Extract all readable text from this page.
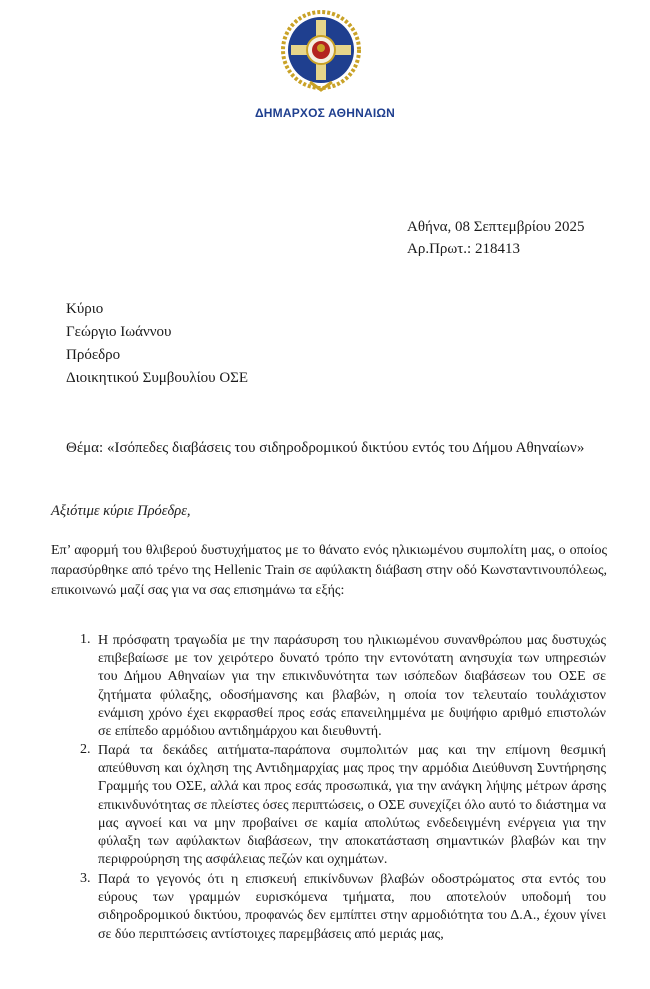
ΔΗΜΑΡΧΟΣ ΑΘΗΝΑΙΩΝ
Αθήνα, 08 Σεπτεμβρίου 2025
Αρ.Πρωτ.: 218413
Κύριο
Γεώργιο Ιωάννου
Πρόεδρο
Διοικητικού Συμβουλίου ΟΣΕ
Θέμα: «Ισόπεδες διαβάσεις του σιδηροδρομικού δικτύου εντός του Δήμου Αθηναίων»
Αξιότιμε κύριε Πρόεδρε,
Επ’ αφορμή του θλιβερού δυστυχήματος με το θάνατο ενός ηλικιωμένου συμπολίτη μας, ο οποίος παρασύρθηκε από τρένο της Hellenic Train σε αφύλακτη διάβαση στην οδό Κωνσταντινουπόλεως, επικοινωνώ μαζί σας για να σας επισημάνω τα εξής:
1. Η πρόσφατη τραγωδία με την παράσυρση του ηλικιωμένου συνανθρώπου μας δυστυχώς επιβεβαίωσε με τον χειρότερο δυνατό τρόπο την εντονότατη ανησυχία των υπηρεσιών του Δήμου Αθηναίων για την επικινδυνότητα των ισόπεδων διαβάσεων του ΟΣΕ σε ζητήματα φύλαξης, οδοσήμανσης και βλαβών, η οποία τον τελευταίο τουλάχιστον ενάμιση χρόνο έχει εκφρασθεί προς εσάς επανειλημμένα με δυψήφιο αριθμό επιστολών σε επίπεδο αρμόδιου αντιδημάρχου και διευθυντή.
2. Παρά τα δεκάδες αιτήματα-παράπονα συμπολιτών μας και την επίμονη θεσμική απεύθυνση και όχληση της Αντιδημαρχίας μας προς την αρμόδια Διεύθυνση Συντήρησης Γραμμής του ΟΣΕ, αλλά και προς εσάς προσωπικά, για την ανάγκη λήψης μέτρων άρσης επικινδυνότητας σε πλείστες όσες περιπτώσεις, ο ΟΣΕ συνεχίζει όλο αυτό το διάστημα να μας αγνοεί και να μην προβαίνει σε καμία απολύτως ενδεδειγμένη ενέργεια για την φύλαξη των αφύλακτων διαβάσεων, την αποκατάσταση σημαντικών βλαβών και την περιφρούρηση της ασφάλειας πεζών και οχημάτων.
3. Παρά το γεγονός ότι η επισκευή επικίνδυνων βλαβών οδοστρώματος στα εντός του εύρους των γραμμών ευρισκόμενα τμήματα, που αποτελούν υποδομή του σιδηροδρομικού δικτύου, προφανώς δεν εμπίπτει στην αρμοδιότητα του Δ.Α., έχουν γίνει σε δύο περιπτώσεις αντίστοιχες παρεμβάσεις από μεριάς μας,
